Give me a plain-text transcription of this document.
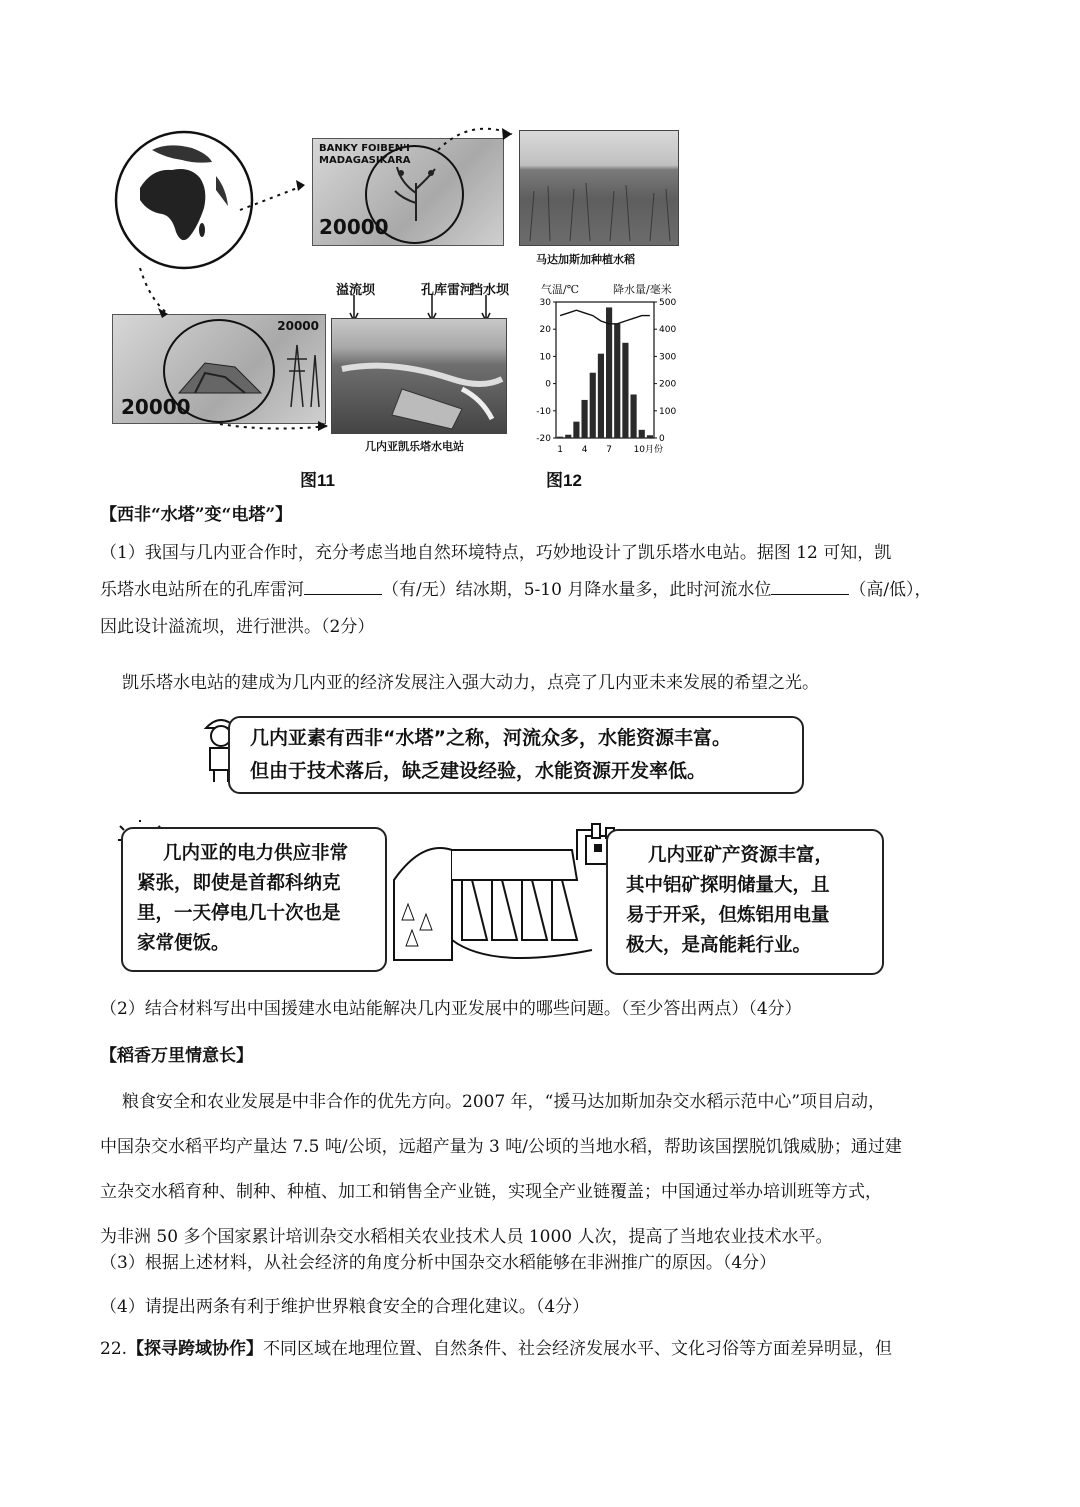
BANKY FOIBEN'I
MADAGASIKARA
20000
马达加斯加种植水稻
20000
20000
溢流坝	孔库雷河
挡水坝
几内亚凯乐塔水电站
图11
气温/℃	降水量/毫米
30
20
10
0
-10
-20
500
400
300
200
100
0
1 4 7 10月份
图12
【西非“水塔”变“电塔”】
（1）我国与几内亚合作时，充分考虑当地自然环境特点，巧妙地设计了凯乐塔水电站。据图 12 可知，凯
乐塔水电站所在的孔库雷河	（有/无）结冰期，5-10 月降水量多，此时河流水位	（高/低），
因此设计溢流坝，进行泄洪。（2分）
凯乐塔水电站的建成为几内亚的经济发展注入强大动力，点亮了几内亚未来发展的希望之光。
几内亚素有西非“水塔”之称，河流众多，水能资源丰富。
但由于技术落后，缺乏建设经验，水能资源开发率低。
几内亚的电力供应非常
紧张，即使是首都科纳克
里，一天停电几十次也是
家常便饭。
几内亚矿产资源丰富，
其中铝矿探明储量大，且
易于开采，但炼铝用电量
极大，是高能耗行业。
（2）结合材料写出中国援建水电站能解决几内亚发展中的哪些问题。（至少答出两点）（4分）
【稻香万里情意长】
粮食安全和农业发展是中非合作的优先方向。2007 年，“援马达加斯加杂交水稻示范中心”项目启动，
中国杂交水稻平均产量达 7.5 吨/公顷，远超产量为 3 吨/公顷的当地水稻，帮助该国摆脱饥饿威胁；通过建
立杂交水稻育种、制种、种植、加工和销售全产业链，实现全产业链覆盖；中国通过举办培训班等方式，
为非洲 50 多个国家累计培训杂交水稻相关农业技术人员 1000 人次，提高了当地农业技术水平。
（3）根据上述材料，从社会经济的角度分析中国杂交水稻能够在非洲推广的原因。（4分）
（4）请提出两条有利于维护世界粮食安全的合理化建议。（4分）
22.【探寻跨域协作】不同区域在地理位置、自然条件、社会经济发展水平、文化习俗等方面差异明显，但
